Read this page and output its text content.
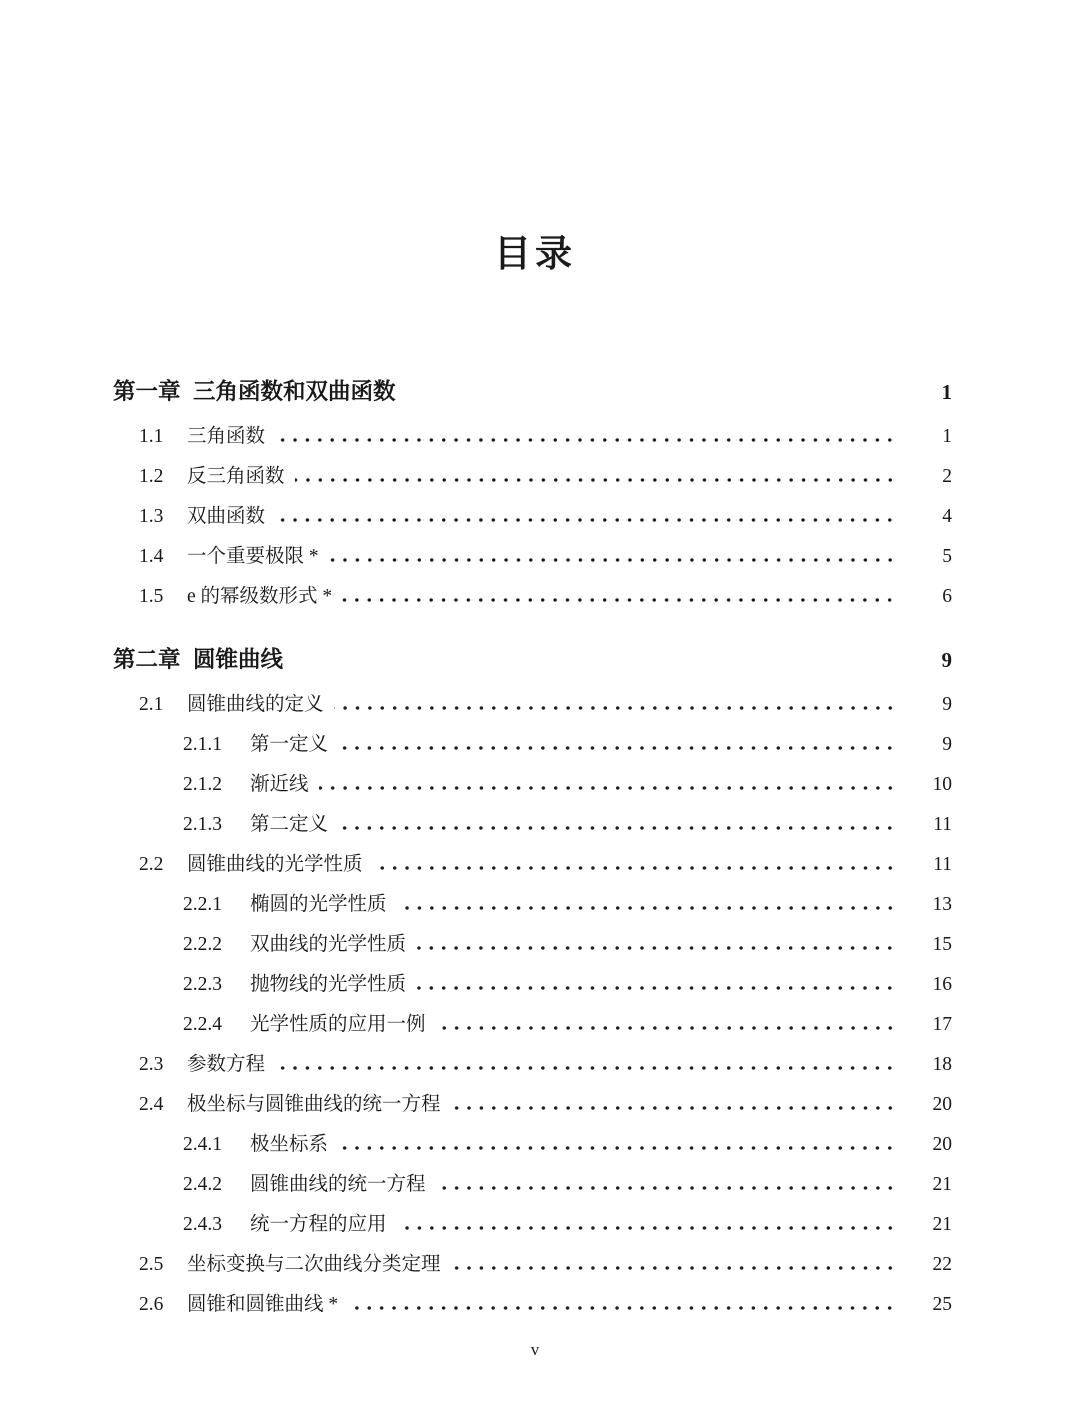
目录
第一章 三角函数和双曲函数	1
1.1	三角函数	1
1.2	反三角函数	2
1.3	双曲函数	4
1.4	一个重要极限 *	5
1.5	e 的幂级数形式 *	6
第二章 圆锥曲线	9
2.1	圆锥曲线的定义	9
2.1.1	第一定义	9
2.1.2	渐近线	10
2.1.3	第二定义	11
2.2	圆锥曲线的光学性质	11
2.2.1	椭圆的光学性质	13
2.2.2	双曲线的光学性质	15
2.2.3	抛物线的光学性质	16
2.2.4	光学性质的应用一例	17
2.3	参数方程	18
2.4	极坐标与圆锥曲线的统一方程	20
2.4.1	极坐标系	20
2.4.2	圆锥曲线的统一方程	21
2.4.3	统一方程的应用	21
2.5	坐标变换与二次曲线分类定理	22
2.6	圆锥和圆锥曲线 *	25
v
